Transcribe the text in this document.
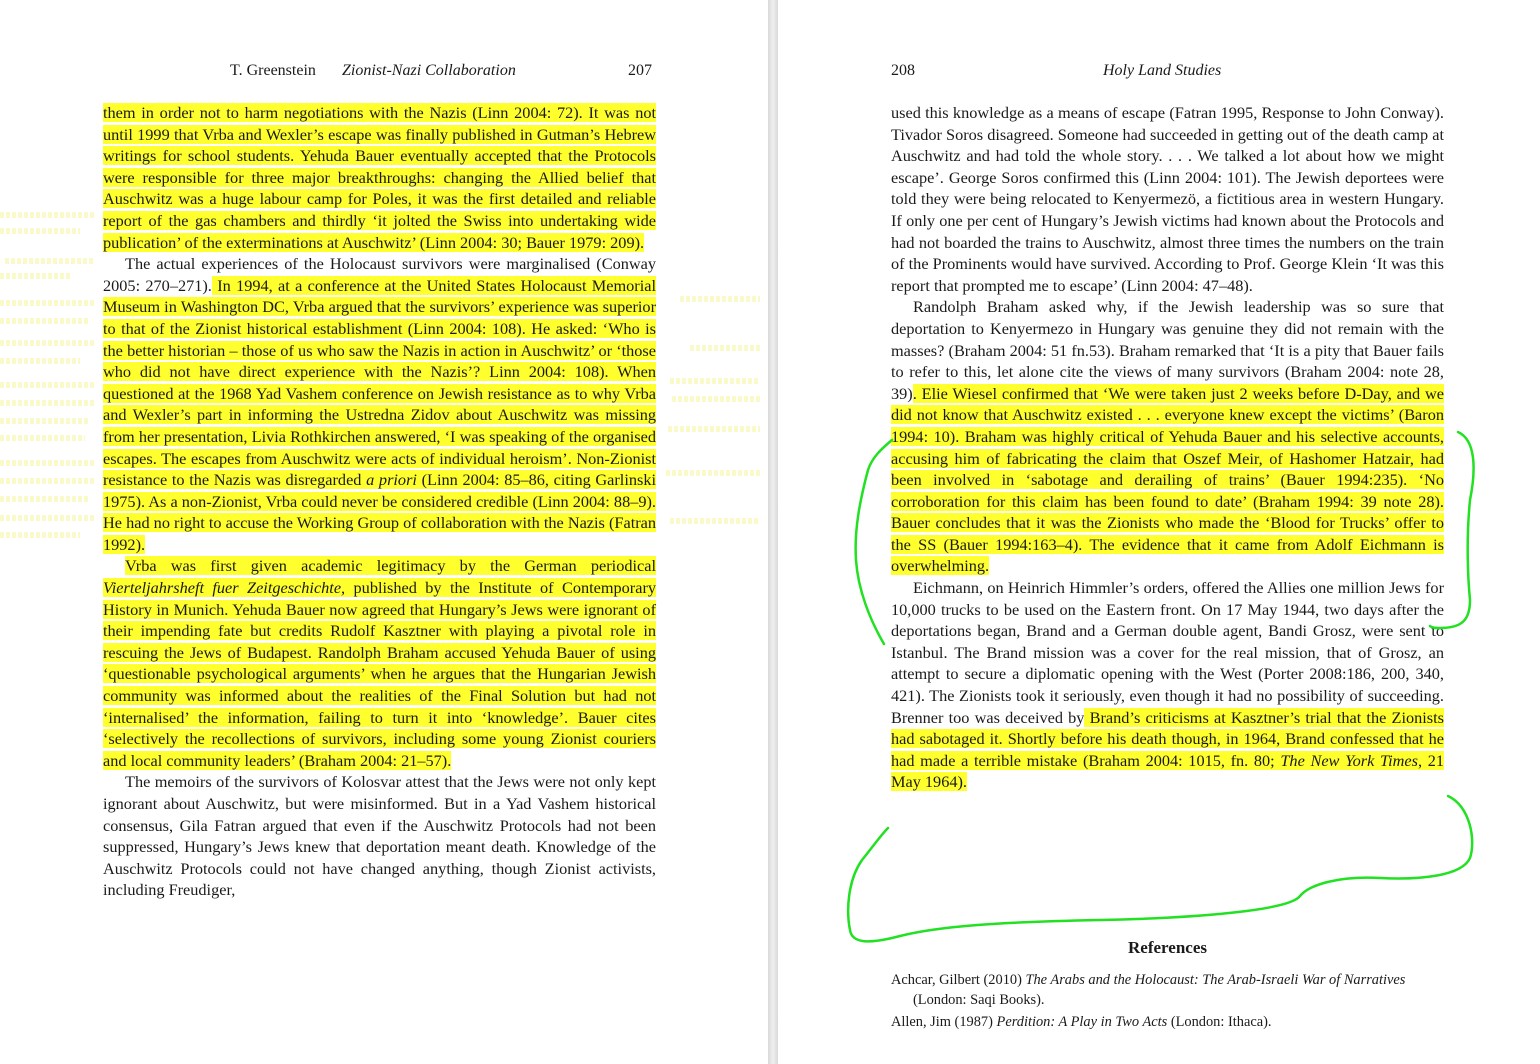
T. Greenstein Zionist-Nazi Collaboration	207

them in order not to harm negotiations with the Nazis (Linn 2004: 72). It was not until 1999 that Vrba and Wexler’s escape was finally published in Gutman’s Hebrew writings for school students. Yehuda Bauer eventually accepted that the Protocols were responsible for three major breakthroughs: changing the Allied belief that Auschwitz was a huge labour camp for Poles, it was the first detailed and reliable report of the gas chambers and thirdly ‘it jolted the Swiss into undertaking wide publication’ of the exterminations at Auschwitz’ (Linn 2004: 30; Bauer 1979: 209).

The actual experiences of the Holocaust survivors were marginalised (Conway 2005: 270–271). In 1994, at a conference at the United States Holocaust Memorial Museum in Washington DC, Vrba argued that the survivors’ experience was superior to that of the Zionist historical establishment (Linn 2004: 108). He asked: ‘Who is the better historian – those of us who saw the Nazis in action in Auschwitz’ or ‘those who did not have direct experience with the Nazis’? Linn 2004: 108). When questioned at the 1968 Yad Vashem conference on Jewish resistance as to why Vrba and Wexler’s part in informing the Ustredna Zidov about Auschwitz was missing from her presentation, Livia Rothkirchen answered, ‘I was speaking of the organised escapes. The escapes from Auschwitz were acts of individual heroism’. Non-Zionist resistance to the Nazis was disregarded a priori (Linn 2004: 85–86, citing Garlinski 1975). As a non-Zionist, Vrba could never be considered credible (Linn 2004: 88–9). He had no right to accuse the Working Group of collaboration with the Nazis (Fatran 1992).

Vrba was first given academic legitimacy by the German periodical Vierteljahrsheft fuer Zeitgeschichte, published by the Institute of Contemporary History in Munich. Yehuda Bauer now agreed that Hungary’s Jews were ignorant of their impending fate but credits Rudolf Kasztner with playing a pivotal role in rescuing the Jews of Budapest. Randolph Braham accused Yehuda Bauer of using ‘questionable psychological arguments’ when he argues that the Hungarian Jewish community was informed about the realities of the Final Solution but had not ‘internalised’ the information, failing to turn it into ‘knowledge’. Bauer cites ‘selectively the recollections of survivors, including some young Zionist couriers and local community leaders’ (Braham 2004: 21–57).

The memoirs of the survivors of Kolosvar attest that the Jews were not only kept ignorant about Auschwitz, but were misinformed. But in a Yad Vashem historical consensus, Gila Fatran argued that even if the Auschwitz Protocols had not been suppressed, Hungary’s Jews knew that deportation meant death. Knowledge of the Auschwitz Protocols could not have changed anything, though Zionist activists, including Freudiger,

208	Holy Land Studies

used this knowledge as a means of escape (Fatran 1995, Response to John Conway). Tivador Soros disagreed. Someone had succeeded in getting out of the death camp at Auschwitz and had told the whole story. . . . We talked a lot about how we might escape’. George Soros confirmed this (Linn 2004: 101). The Jewish deportees were told they were being relocated to Kenyermezö, a fictitious area in western Hungary. If only one per cent of Hungary’s Jewish victims had known about the Protocols and had not boarded the trains to Auschwitz, almost three times the numbers on the train of the Prominents would have survived. According to Prof. George Klein ‘It was this report that prompted me to escape’ (Linn 2004: 47–48).

Randolph Braham asked why, if the Jewish leadership was so sure that deportation to Kenyermezo in Hungary was genuine they did not remain with the masses? (Braham 2004: 51 fn.53). Braham remarked that ‘It is a pity that Bauer fails to refer to this, let alone cite the views of many survivors (Braham 2004: note 28, 39). Elie Wiesel confirmed that ‘We were taken just 2 weeks before D-Day, and we did not know that Auschwitz existed . . . everyone knew except the victims’ (Baron 1994: 10). Braham was highly critical of Yehuda Bauer and his selective accounts, accusing him of fabricating the claim that Oszef Meir, of Hashomer Hatzair, had been involved in ‘sabotage and derailing of trains’ (Bauer 1994:235). ‘No corroboration for this claim has been found to date’ (Braham 1994: 39 note 28). Bauer concludes that it was the Zionists who made the ‘Blood for Trucks’ offer to the SS (Bauer 1994:163–4). The evidence that it came from Adolf Eichmann is overwhelming.

Eichmann, on Heinrich Himmler’s orders, offered the Allies one million Jews for 10,000 trucks to be used on the Eastern front. On 17 May 1944, two days after the deportations began, Brand and a German double agent, Bandi Grosz, were sent to Istanbul. The Brand mission was a cover for the real mission, that of Grosz, an attempt to secure a diplomatic opening with the West (Porter 2008:186, 200, 340, 421). The Zionists took it seriously, even though it had no possibility of succeeding. Brenner too was deceived by Brand’s criticisms at Kasztner’s trial that the Zionists had sabotaged it. Shortly before his death though, in 1964, Brand confessed that he had made a terrible mistake (Braham 2004: 1015, fn. 80; The New York Times, 21 May 1964).

References

Achcar, Gilbert (2010) The Arabs and the Holocaust: The Arab-Israeli War of Narratives (London: Saqi Books).

Allen, Jim (1987) Perdition: A Play in Two Acts (London: Ithaca).
